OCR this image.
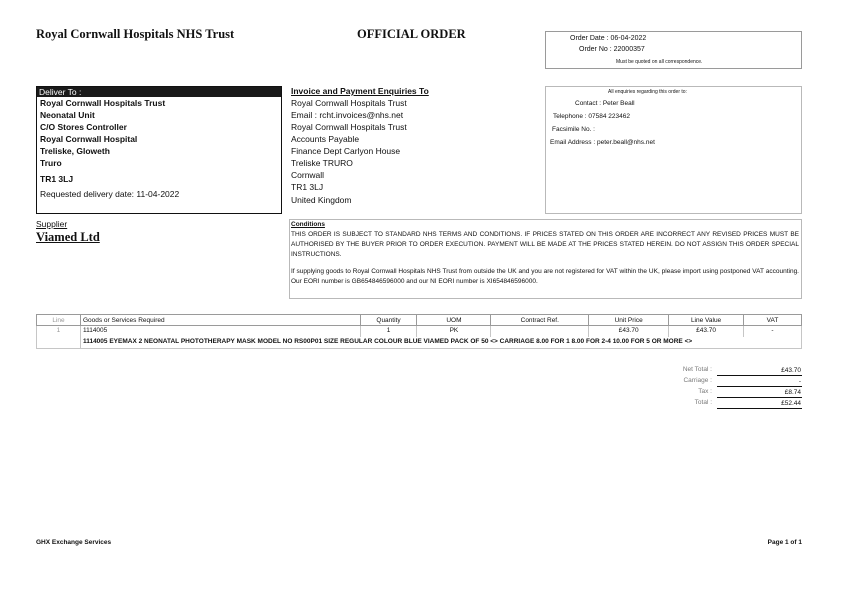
Royal Cornwall Hospitals NHS Trust	OFFICIAL ORDER	Order Date : 06-04-2022
Order No : 22000357
Must be quoted on all correspondence.
Deliver To :
Royal Cornwall Hospitals Trust
Neonatal Unit
C/O Stores Controller
Royal Cornwall Hospital
Treliske, Gloweth
Truro
TR1 3LJ
Requested delivery date: 11-04-2022
Invoice and Payment Enquiries To
Royal Cornwall Hospitals Trust
Email : rcht.invoices@nhs.net
Royal Cornwall Hospitals Trust
Accounts Payable
Finance Dept Carlyon House
Treliske TRURO
Cornwall
TR1 3LJ
United Kingdom
All enquiries regarding this order to:
Contact : Peter Beall
Telephone : 07584 223462
Facsimile No. :
Email Address : peter.beall@nhs.net
Supplier
Viamed Ltd
Conditions
THIS ORDER IS SUBJECT TO STANDARD NHS TERMS AND CONDITIONS. IF PRICES STATED ON THIS ORDER ARE INCORRECT ANY REVISED PRICES MUST BE AUTHORISED BY THE BUYER PRIOR TO ORDER EXECUTION. PAYMENT WILL BE MADE AT THE PRICES STATED HEREIN. DO NOT ASSIGN THIS ORDER SPECIAL INSTRUCTIONS.
If supplying goods to Royal Cornwall Hospitals NHS Trust from outside the UK and you are not registered for VAT within the UK, please import using postponed VAT accounting. Our EORI number is GB654846596000 and our NI EORI number is XI654846596000.
Line	Goods or Services Required	Quantity	UOM	Contract Ref.	Unit Price	Line Value	VAT
1	1114005	1	PK		£43.70	£43.70	-
	1114005 EYEMAX 2 NEONATAL PHOTOTHERAPY MASK MODEL NO RS00P01 SIZE REGULAR COLOUR BLUE VIAMED PACK OF 50 <> CARRIAGE 8.00 FOR 1 8.00 FOR 2-4 10.00 FOR 5 OR MORE <>						
Net Total :	£43.70
Carriage :	-
Tax :	£8.74
Total :	£52.44
GHX Exchange Services	Page 1 of 1
